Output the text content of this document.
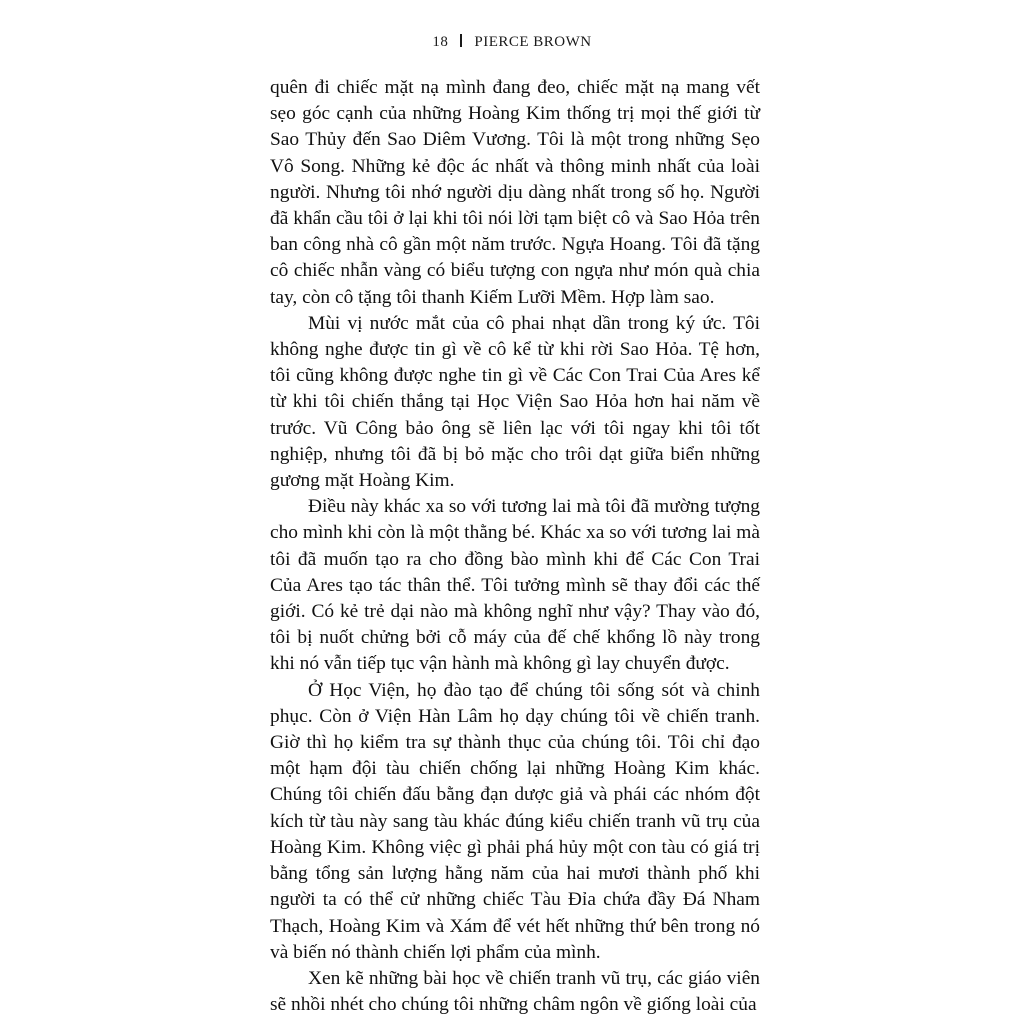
18 PIERCE BROWN

quên đi chiếc mặt nạ mình đang đeo, chiếc mặt nạ mang vết sẹo góc cạnh của những Hoàng Kim thống trị mọi thế giới từ Sao Thủy đến Sao Diêm Vương. Tôi là một trong những Sẹo Vô Song. Những kẻ độc ác nhất và thông minh nhất của loài người. Nhưng tôi nhớ người dịu dàng nhất trong số họ. Người đã khẩn cầu tôi ở lại khi tôi nói lời tạm biệt cô và Sao Hỏa trên ban công nhà cô gần một năm trước. Ngựa Hoang. Tôi đã tặng cô chiếc nhẫn vàng có biểu tượng con ngựa như món quà chia tay, còn cô tặng tôi thanh Kiếm Lưỡi Mềm. Hợp làm sao.

Mùi vị nước mắt của cô phai nhạt dần trong ký ức. Tôi không nghe được tin gì về cô kể từ khi rời Sao Hỏa. Tệ hơn, tôi cũng không được nghe tin gì về Các Con Trai Của Ares kể từ khi tôi chiến thắng tại Học Viện Sao Hỏa hơn hai năm về trước. Vũ Công bảo ông sẽ liên lạc với tôi ngay khi tôi tốt nghiệp, nhưng tôi đã bị bỏ mặc cho trôi dạt giữa biển những gương mặt Hoàng Kim.

Điều này khác xa so với tương lai mà tôi đã mường tượng cho mình khi còn là một thằng bé. Khác xa so với tương lai mà tôi đã muốn tạo ra cho đồng bào mình khi để Các Con Trai Của Ares tạo tác thân thể. Tôi tưởng mình sẽ thay đổi các thế giới. Có kẻ trẻ dại nào mà không nghĩ như vậy? Thay vào đó, tôi bị nuốt chửng bởi cỗ máy của đế chế khổng lồ này trong khi nó vẫn tiếp tục vận hành mà không gì lay chuyển được.

Ở Học Viện, họ đào tạo để chúng tôi sống sót và chinh phục. Còn ở Viện Hàn Lâm họ dạy chúng tôi về chiến tranh. Giờ thì họ kiểm tra sự thành thục của chúng tôi. Tôi chỉ đạo một hạm đội tàu chiến chống lại những Hoàng Kim khác. Chúng tôi chiến đấu bằng đạn dược giả và phái các nhóm đột kích từ tàu này sang tàu khác đúng kiểu chiến tranh vũ trụ của Hoàng Kim. Không việc gì phải phá hủy một con tàu có giá trị bằng tổng sản lượng hằng năm của hai mươi thành phố khi người ta có thể cử những chiếc Tàu Đỉa chứa đầy Đá Nham Thạch, Hoàng Kim và Xám để vét hết những thứ bên trong nó và biến nó thành chiến lợi phẩm của mình.

Xen kẽ những bài học về chiến tranh vũ trụ, các giáo viên sẽ nhồi nhét cho chúng tôi những châm ngôn về giống loài của
